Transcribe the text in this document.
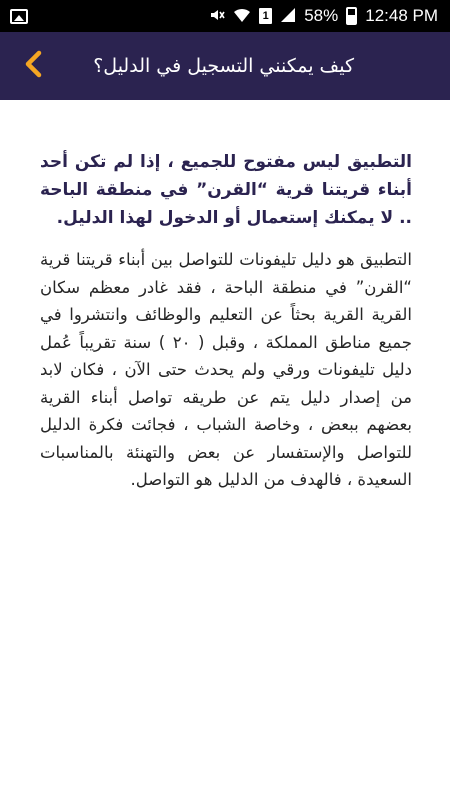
1 58% 12:48 PM
كيف يمكنني التسجيل في الدليل؟

التطبيق ليس مفتوح للجميع ، إذا لم تكن أحد أبناء قريتنا قرية “القرن” في منطقة الباحة .. لا يمكنك إستعمال أو الدخول لهذا الدليل.

التطبيق هو دليل تليفونات للتواصل بين أبناء قريتنا قرية “القرن” في منطقة الباحة ، فقد غادر معظم سكان القرية القرية بحثاً عن التعليم والوظائف وانتشروا في جميع مناطق المملكة ، وقبل ( ٢٠ ) سنة تقريباً عُمل دليل تليفونات ورقي ولم يحدث حتى الآن ، فكان لابد من إصدار دليل يتم عن طريقه تواصل أبناء القرية بعضهم ببعض ، وخاصة الشباب ، فجائت فكرة الدليل للتواصل والإستفسار عن بعض والتهنئة بالمناسبات السعيدة ، فالهدف من الدليل هو التواصل.
